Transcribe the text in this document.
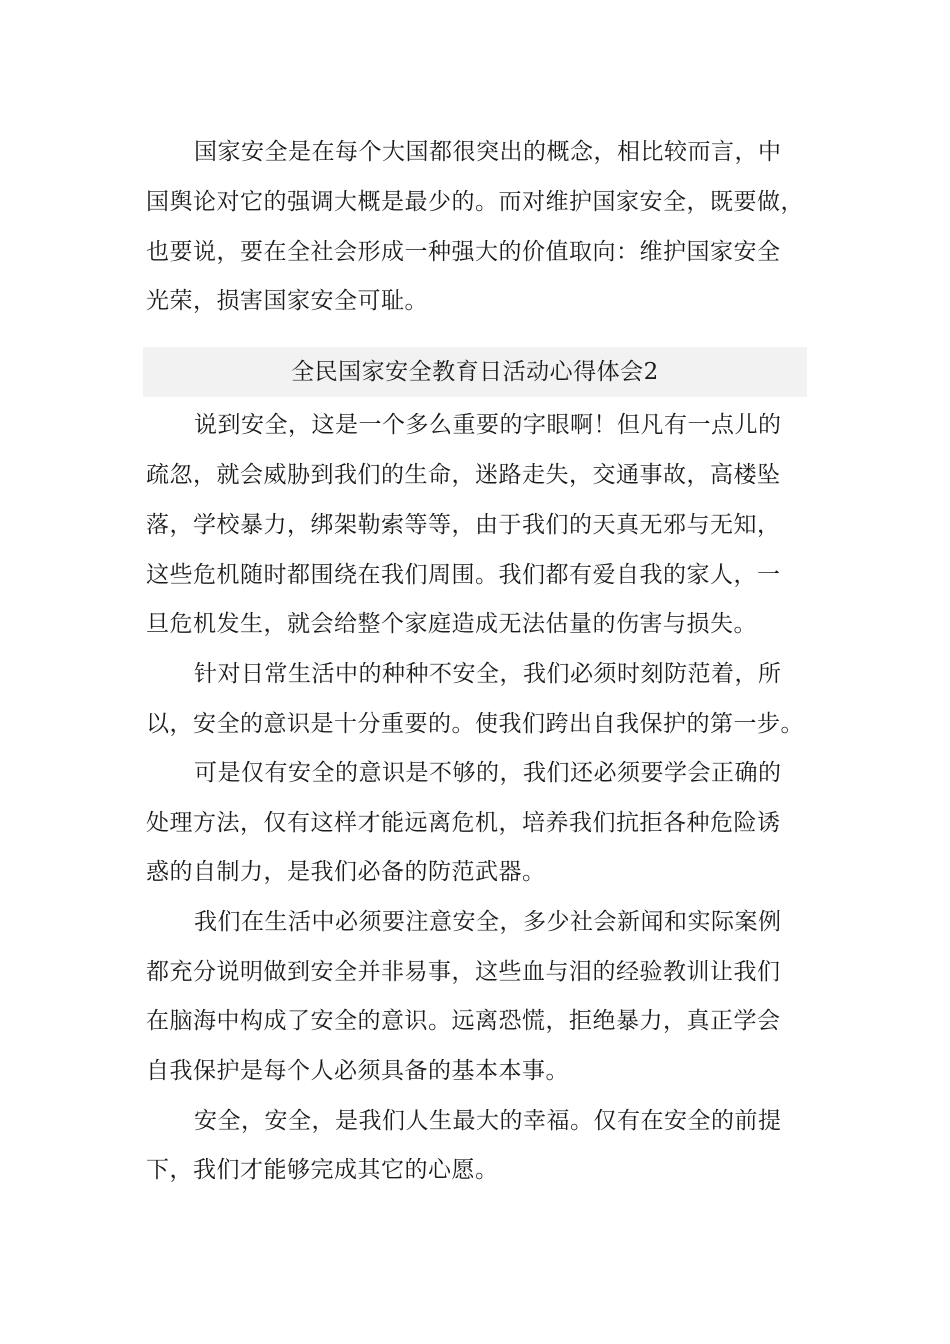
国家安全是在每个大国都很突出的概念，相比较而言，中
国舆论对它的强调大概是最少的。而对维护国家安全，既要做，
也要说，要在全社会形成一种强大的价值取向：维护国家安全
光荣，损害国家安全可耻。
全民国家安全教育日活动心得体会2
说到安全，这是一个多么重要的字眼啊！但凡有一点儿的
疏忽，就会威胁到我们的生命，迷路走失，交通事故，高楼坠
落，学校暴力，绑架勒索等等，由于我们的天真无邪与无知，
这些危机随时都围绕在我们周围。我们都有爱自我的家人，一
旦危机发生，就会给整个家庭造成无法估量的伤害与损失。
针对日常生活中的种种不安全，我们必须时刻防范着，所
以，安全的意识是十分重要的。使我们跨出自我保护的第一步。
可是仅有安全的意识是不够的，我们还必须要学会正确的
处理方法，仅有这样才能远离危机，培养我们抗拒各种危险诱
惑的自制力，是我们必备的防范武器。
我们在生活中必须要注意安全，多少社会新闻和实际案例
都充分说明做到安全并非易事，这些血与泪的经验教训让我们
在脑海中构成了安全的意识。远离恐慌，拒绝暴力，真正学会
自我保护是每个人必须具备的基本本事。
安全，安全，是我们人生最大的幸福。仅有在安全的前提
下，我们才能够完成其它的心愿。
